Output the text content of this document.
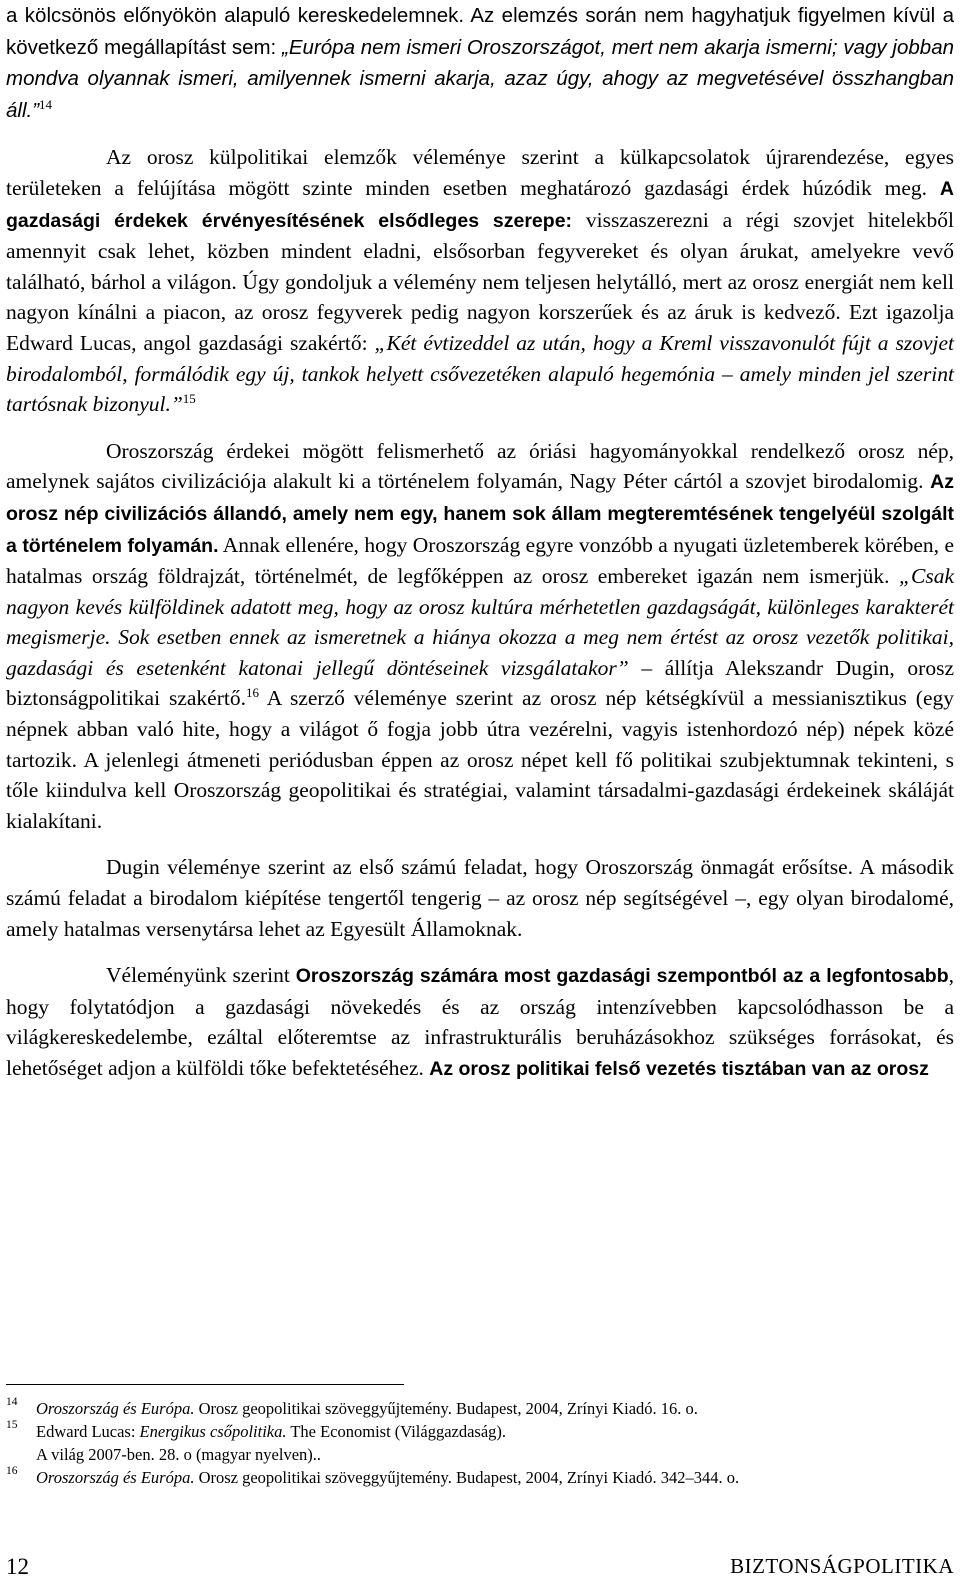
a kölcsönös előnyökön alapuló kereskedelemnek. Az elemzés során nem hagyhatjuk figyelmen kívül a következő megállapítást sem: „Európa nem ismeri Oroszországot, mert nem akarja ismerni; vagy jobban mondva olyannak ismeri, amilyennek ismerni akarja, azaz úgy, ahogy az megvetésével összhangban áll.”$^{14}$

Az orosz külpolitikai elemzők véleménye szerint a külkapcsolatok újrarendezése, egyes területeken a felújítása mögött szinte minden esetben meghatározó gazdasági érdek húzódik meg. A gazdasági érdekek érvényesítésének elsődleges szerepe: visszaszerezni a régi szovjet hitelekből amennyit csak lehet, közben mindent eladni, elsősorban fegyvereket és olyan árukat, amelyekre vevő található, bárhol a világon. Úgy gondoljuk a vélemény nem teljesen helytálló, mert az orosz energiát nem kell nagyon kínálni a piacon, az orosz fegyverek pedig nagyon korszerűek és az áruk is kedvező. Ezt igazolja Edward Lucas, angol gazdasági szakértő: „Két évtizeddel az után, hogy a Kreml visszavonulót fújt a szovjet birodalomból, formálódik egy új, tankok helyett csővezetéken alapuló hegemónia – amely minden jel szerint tartósnak bizonyul.”$^{15}$

Oroszország érdekei mögött felismerhető az óriási hagyományokkal rendelkező orosz nép, amelynek sajátos civilizációja alakult ki a történelem folyamán, Nagy Péter cártól a szovjet birodalomig. Az orosz nép civilizációs állandó, amely nem egy, hanem sok állam megteremtésének tengelyéül szolgált a történelem folyamán. Annak ellenére, hogy Oroszország egyre vonzóbb a nyugati üzletemberek körében, e hatalmas ország földrajzát, történelmét, de legfőképpen az orosz embereket igazán nem ismerjük. „Csak nagyon kevés külföldinek adatott meg, hogy az orosz kultúra mérhetetlen gazdagságát, különleges karakterét megismerje. Sok esetben ennek az ismeretnek a hiánya okozza a meg nem értést az orosz vezetők politikai, gazdasági és esetenként katonai jellegű döntéseinek vizsgálatakor” – állítja Alekszandr Dugin, orosz biztonságpolitikai szakértő.$^{16}$ A szerző véleménye szerint az orosz nép kétségkívül a messianisztikus (egy népnek abban való hite, hogy a világot ő fogja jobb útra vezérelni, vagyis istenhordozó nép) népek közé tartozik. A jelenlegi átmeneti periódusban éppen az orosz népet kell fő politikai szubjektumnak tekinteni, s tőle kiindulva kell Oroszország geopolitikai és stratégiai, valamint társadalmi-gazdasági érdekeinek skáláját kialakítani.

Dugin véleménye szerint az első számú feladat, hogy Oroszország önmagát erősítse. A második számú feladat a birodalom kiépítése tengertől tengerig – az orosz nép segítségével –, egy olyan birodalomé, amely hatalmas versenytársa lehet az Egyesült Államoknak.

Véleményünk szerint Oroszország számára most gazdasági szempontból az a legfontosabb, hogy folytatódjon a gazdasági növekedés és az ország intenzívebben kapcsolódhasson be a világkereskedelembe, ezáltal előteremtse az infrastrukturális beruházásokhoz szükséges forrásokat, és lehetőséget adjon a külföldi tőke befektetéséhez. Az orosz politikai felső vezetés tisztában van az orosz

14 Oroszország és Európa. Orosz geopolitikai szöveggyűjtemény. Budapest, 2004, Zrínyi Kiadó. 16. o.
15 Edward Lucas: Energikus csőpolitika. The Economist (Világgazdaság).
A világ 2007-ben. 28. o (magyar nyelven)..
16 Oroszország és Európa. Orosz geopolitikai szöveggyűjtemény. Budapest, 2004, Zrínyi Kiadó. 342–344. o.
12	BIZTONSÁGPOLITIKA
